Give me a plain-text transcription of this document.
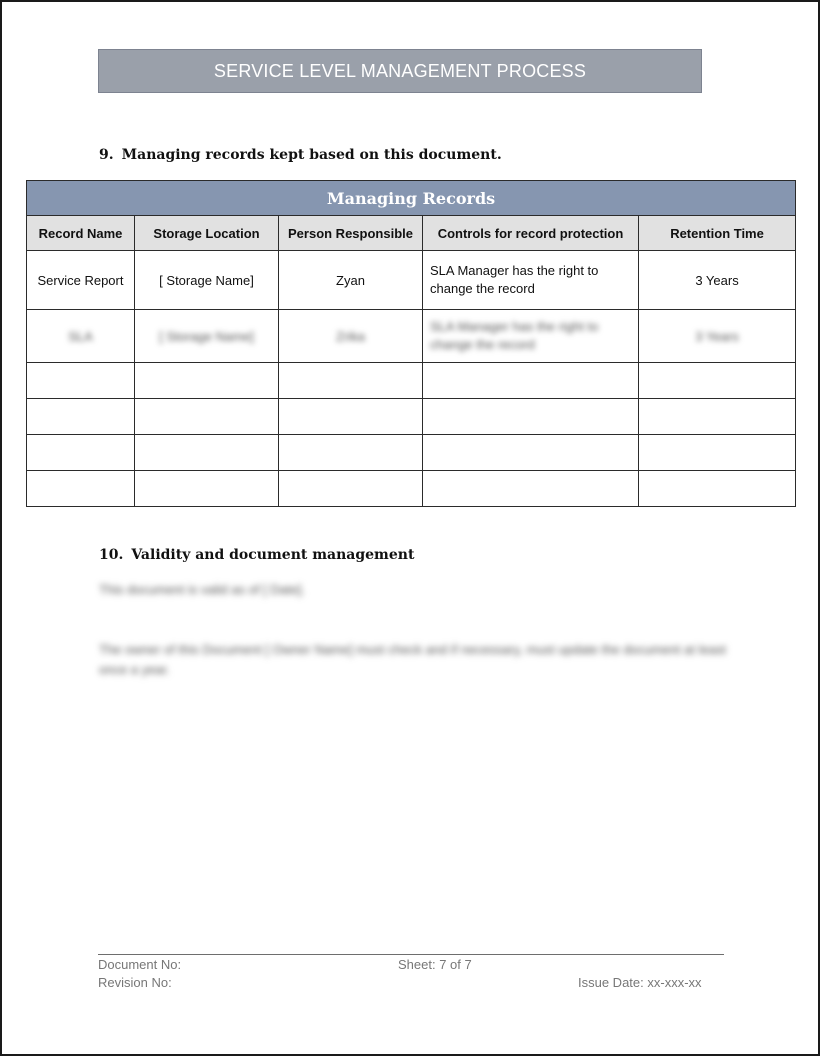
SERVICE LEVEL MANAGEMENT PROCESS
9. Managing records kept based on this document.
Managing Records				
Record Name	Storage Location	Person Responsible	Controls for record protection	Retention Time
Service Report	[ Storage Name]	Zyan	SLA Manager has the right to change the record	3 Years
SLA	[ Storage Name]	Zrika	SLA Manager has the right to change the record	3 Years

10. Validity and document management
This document is valid as of [ Date].
The owner of this Document [ Owner Name] must check and if necessary, must update the document at least once a year.
Document No:
Revision No:
Sheet: 7 of 7
Issue Date: xx-xxx-xx
